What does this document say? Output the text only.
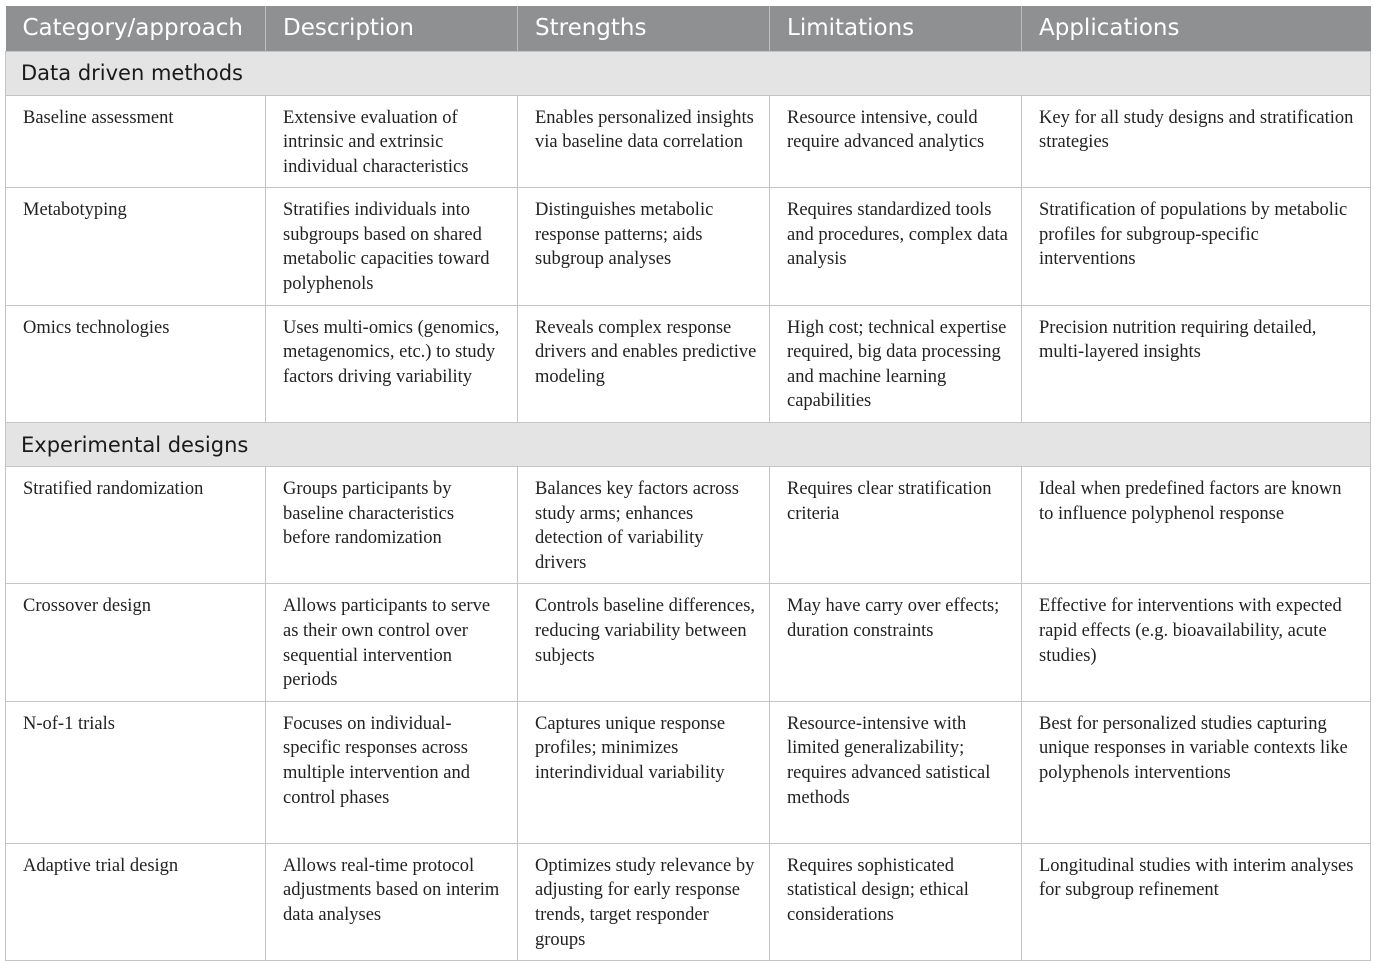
Category/approach	Description	Strengths	Limitations	Applications
Data driven methods				
Baseline assessment	Extensive evaluation of intrinsic and extrinsic individual characteristics	Enables personalized insights via baseline data correlation	Resource intensive, could require advanced analytics	Key for all study designs and stratification strategies
Metabotyping	Stratifies individuals into subgroups based on shared metabolic capacities toward polyphenols	Distinguishes metabolic response patterns; aids subgroup analyses	Requires standardized tools and procedures, complex data analysis	Stratification of populations by metabolic profiles for subgroup-specific interventions
Omics technologies	Uses multi-omics (genomics, metagenomics, etc.) to study factors driving variability	Reveals complex response drivers and enables predictive modeling	High cost; technical expertise required, big data processing and machine learning capabilities	Precision nutrition requiring detailed, multi-layered insights
Experimental designs				
Stratified randomization	Groups participants by baseline characteristics before randomization	Balances key factors across study arms; enhances detection of variability drivers	Requires clear stratification criteria	Ideal when predefined factors are known to influence polyphenol response
Crossover design	Allows participants to serve as their own control over sequential intervention periods	Controls baseline differences, reducing variability between subjects	May have carry over effects; duration constraints	Effective for interventions with expected rapid effects (e.g. bioavailability, acute studies)
N-of-1 trials	Focuses on individual-specific responses across multiple intervention and control phases	Captures unique response profiles; minimizes interindividual variability	Resource-intensive with limited generalizability; requires advanced satistical methods	Best for personalized studies capturing unique responses in variable contexts like polyphenols interventions
Adaptive trial design	Allows real-time protocol adjustments based on interim data analyses	Optimizes study relevance by adjusting for early response trends, target responder groups	Requires sophisticated statistical design; ethical considerations	Longitudinal studies with interim analyses for subgroup refinement
